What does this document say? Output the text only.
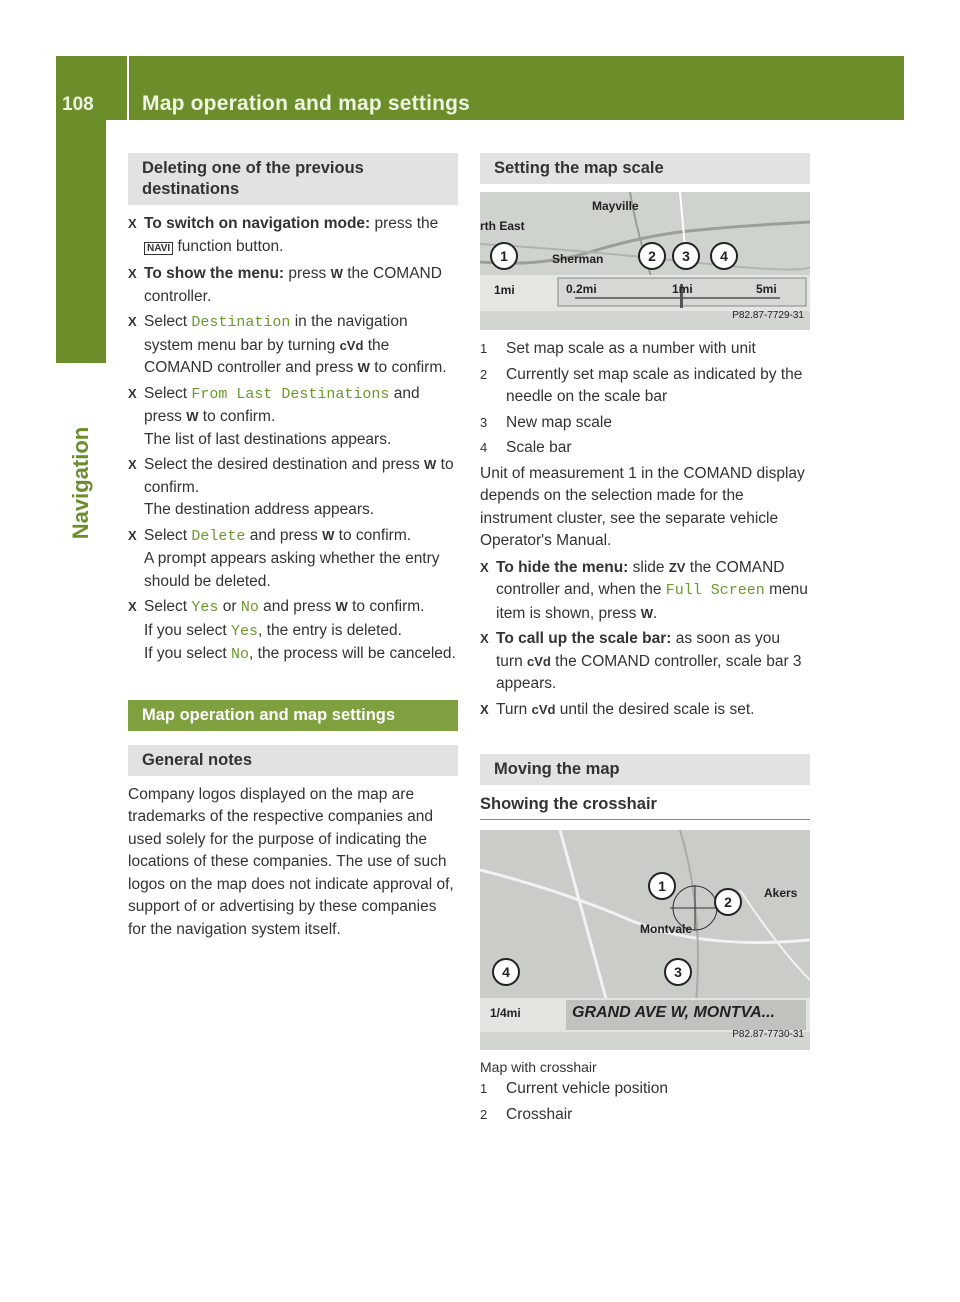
108 Map operation and map settings
Navigation
Deleting one of the previous destinations
X
To switch on navigation mode: press the NAVI function button.
X
To show the menu: press W the COMAND controller.
X
Select Destination in the navigation system menu bar by turning cVd the COMAND controller and press W to confirm.
X
Select From Last Destinations and press W to confirm.
The list of last destinations appears.
X
Select the desired destination and press W to confirm.
The destination address appears.
X
Select Delete and press W to confirm.
A prompt appears asking whether the entry should be deleted.
X
Select Yes or No and press W to confirm.
If you select Yes, the entry is deleted.
If you select No, the process will be canceled.
Map operation and map settings
General notes
Company logos displayed on the map are trademarks of the respective companies and used solely for the purpose of indicating the locations of these companies. The use of such logos on the map does not indicate approval of, support of or advertising by these companies for the navigation system itself.
Setting the map scale
Mayville
rth East
Sherman
1mi	0.2mi	1mi	5mi
P82.87-7729-31
1	2	3	4
1 Set map scale as a number with unit
2 Currently set map scale as indicated by the needle on the scale bar
3 New map scale
4 Scale bar
Unit of measurement 1 in the COMAND display depends on the selection made for the instrument cluster, see the separate vehicle Operator's Manual.
X
To hide the menu: slide ZV the COMAND controller and, when the Full Screen menu item is shown, press W.
X
To call up the scale bar: as soon as you turn cVd the COMAND controller, scale bar 3 appears.
X
Turn cVd until the desired scale is set.
Moving the map
Showing the crosshair
Montvale
Akers
1/4mi	GRAND AVE W, MONTVA...
P82.87-7730-31
1
2
3
4
Map with crosshair
1 Current vehicle position
2 Crosshair
